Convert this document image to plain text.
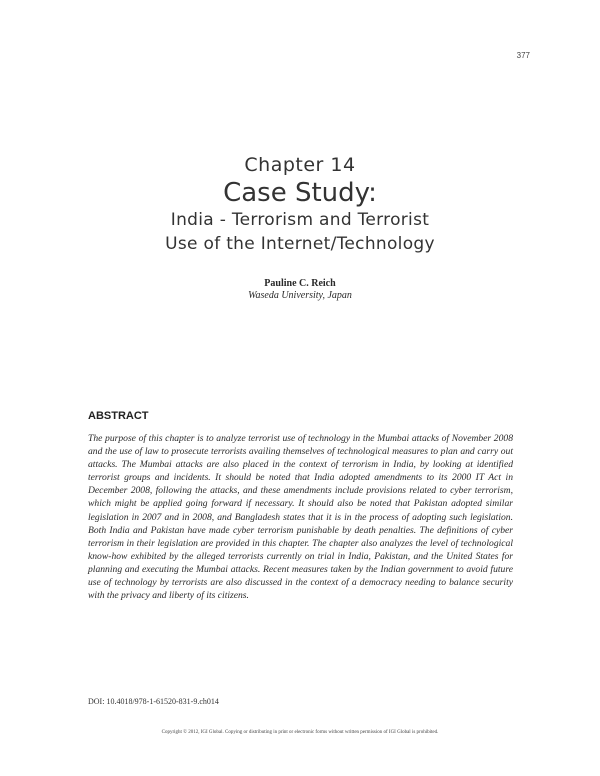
377
Chapter 14
Case Study:
India - Terrorism and Terrorist
Use of the Internet/Technology
Pauline C. Reich
Waseda University, Japan
ABSTRACT
The purpose of this chapter is to analyze terrorist use of technology in the Mumbai attacks of November 2008 and the use of law to prosecute terrorists availing themselves of technological measures to plan and carry out attacks. The Mumbai attacks are also placed in the context of terrorism in India, by looking at identified terrorist groups and incidents. It should be noted that India adopted amendments to its 2000 IT Act in December 2008, following the attacks, and these amendments include provisions related to cyber terrorism, which might be applied going forward if necessary. It should also be noted that Pakistan adopted similar legislation in 2007 and in 2008, and Bangladesh states that it is in the process of adopting such legislation. Both India and Pakistan have made cyber terrorism punishable by death penalties. The definitions of cyber terrorism in their legislation are provided in this chapter. The chapter also analyzes the level of technological know-how exhibited by the alleged terrorists currently on trial in India, Pakistan, and the United States for planning and executing the Mumbai attacks. Recent measures taken by the Indian government to avoid future use of technology by terrorists are also discussed in the context of a democracy needing to balance security with the privacy and liberty of its citizens.
DOI: 10.4018/978-1-61520-831-9.ch014
Copyright © 2012, IGI Global. Copying or distributing in print or electronic forms without written permission of IGI Global is prohibited.
